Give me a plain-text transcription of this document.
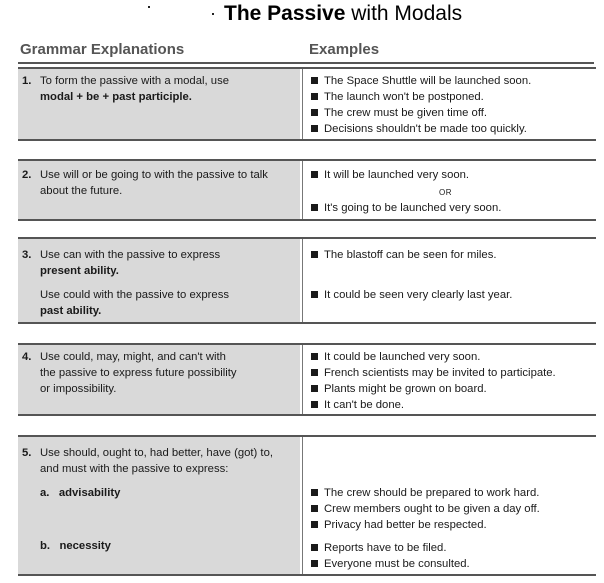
The Passive with Modals
Grammar Explanations	Examples
1. To form the passive with a modal, use
modal + be + past participle.
The Space Shuttle will be launched soon.
The launch won't be postponed.
The crew must be given time off.
Decisions shouldn't be made too quickly.
2. Use will or be going to with the passive to talk
about the future.
It will be launched very soon.
OR
It's going to be launched very soon.
3. Use can with the passive to express
present ability.
Use could with the passive to express
past ability.
The blastoff can be seen for miles.
It could be seen very clearly last year.
4. Use could, may, might, and can't with
the passive to express future possibility
or impossibility.
It could be launched very soon.
French scientists may be invited to participate.
Plants might be grown on board.
It can't be done.
5. Use should, ought to, had better, have (got) to,
and must with the passive to express:
a. advisability
b. necessity
The crew should be prepared to work hard.
Crew members ought to be given a day off.
Privacy had better be respected.
Reports have to be filed.
Everyone must be consulted.
